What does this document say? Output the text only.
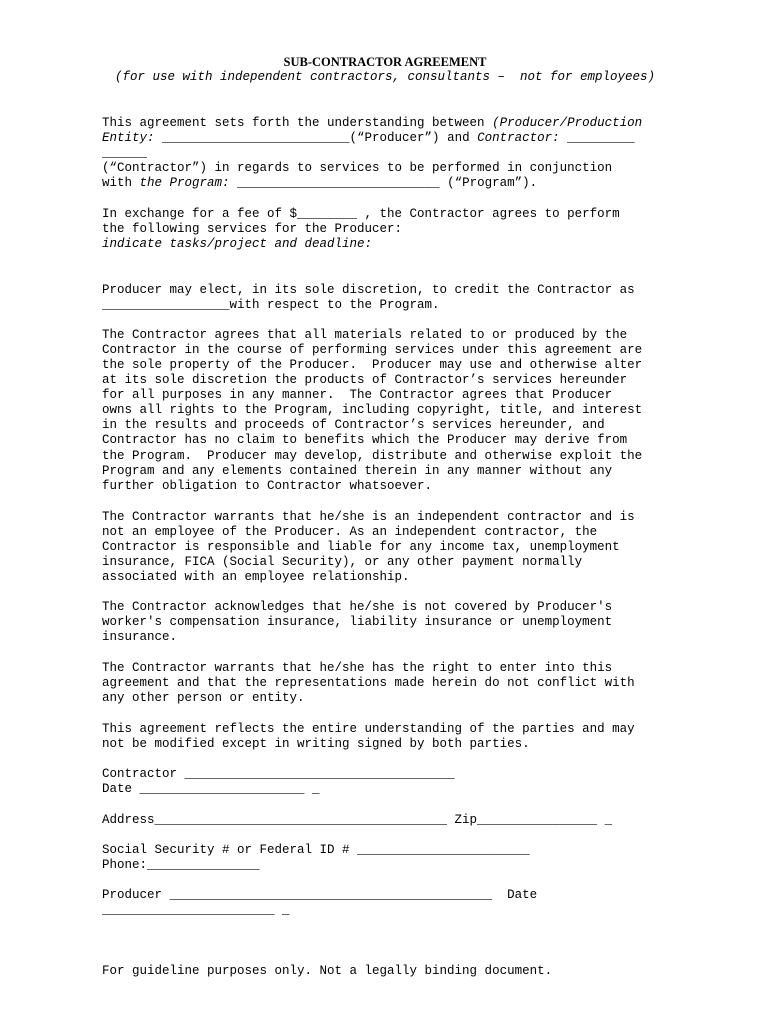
SUB-CONTRACTOR AGREEMENT
(for use with independent contractors, consultants –  not for employees)
This agreement sets forth the understanding between (Producer/Production
Entity: _________________________(“Producer”) and Contractor: _________
______
(“Contractor”) in regards to services to be performed in conjunction
with the Program: ___________________________ (“Program”).
In exchange for a fee of $________ , the Contractor agrees to perform
the following services for the Producer:
indicate tasks/project and deadline:
Producer may elect, in its sole discretion, to credit the Contractor as
_________________with respect to the Program.
The Contractor agrees that all materials related to or produced by the
Contractor in the course of performing services under this agreement are
the sole property of the Producer.  Producer may use and otherwise alter
at its sole discretion the products of Contractor’s services hereunder
for all purposes in any manner.  The Contractor agrees that Producer
owns all rights to the Program, including copyright, title, and interest
in the results and proceeds of Contractor’s services hereunder, and
Contractor has no claim to benefits which the Producer may derive from
the Program.  Producer may develop, distribute and otherwise exploit the
Program and any elements contained therein in any manner without any
further obligation to Contractor whatsoever.
The Contractor warrants that he/she is an independent contractor and is
not an employee of the Producer. As an independent contractor, the
Contractor is responsible and liable for any income tax, unemployment
insurance, FICA (Social Security), or any other payment normally
associated with an employee relationship.
The Contractor acknowledges that he/she is not covered by Producer's
worker's compensation insurance, liability insurance or unemployment
insurance.
The Contractor warrants that he/she has the right to enter into this
agreement and that the representations made herein do not conflict with
any other person or entity.
This agreement reflects the entire understanding of the parties and may
not be modified except in writing signed by both parties.
Contractor ____________________________________
Date ______________________ _
Address_______________________________________ Zip________________ _
Social Security # or Federal ID # _______________________
Phone:_______________
Producer ___________________________________________  Date
_______________________ _
For guideline purposes only. Not a legally binding document.
